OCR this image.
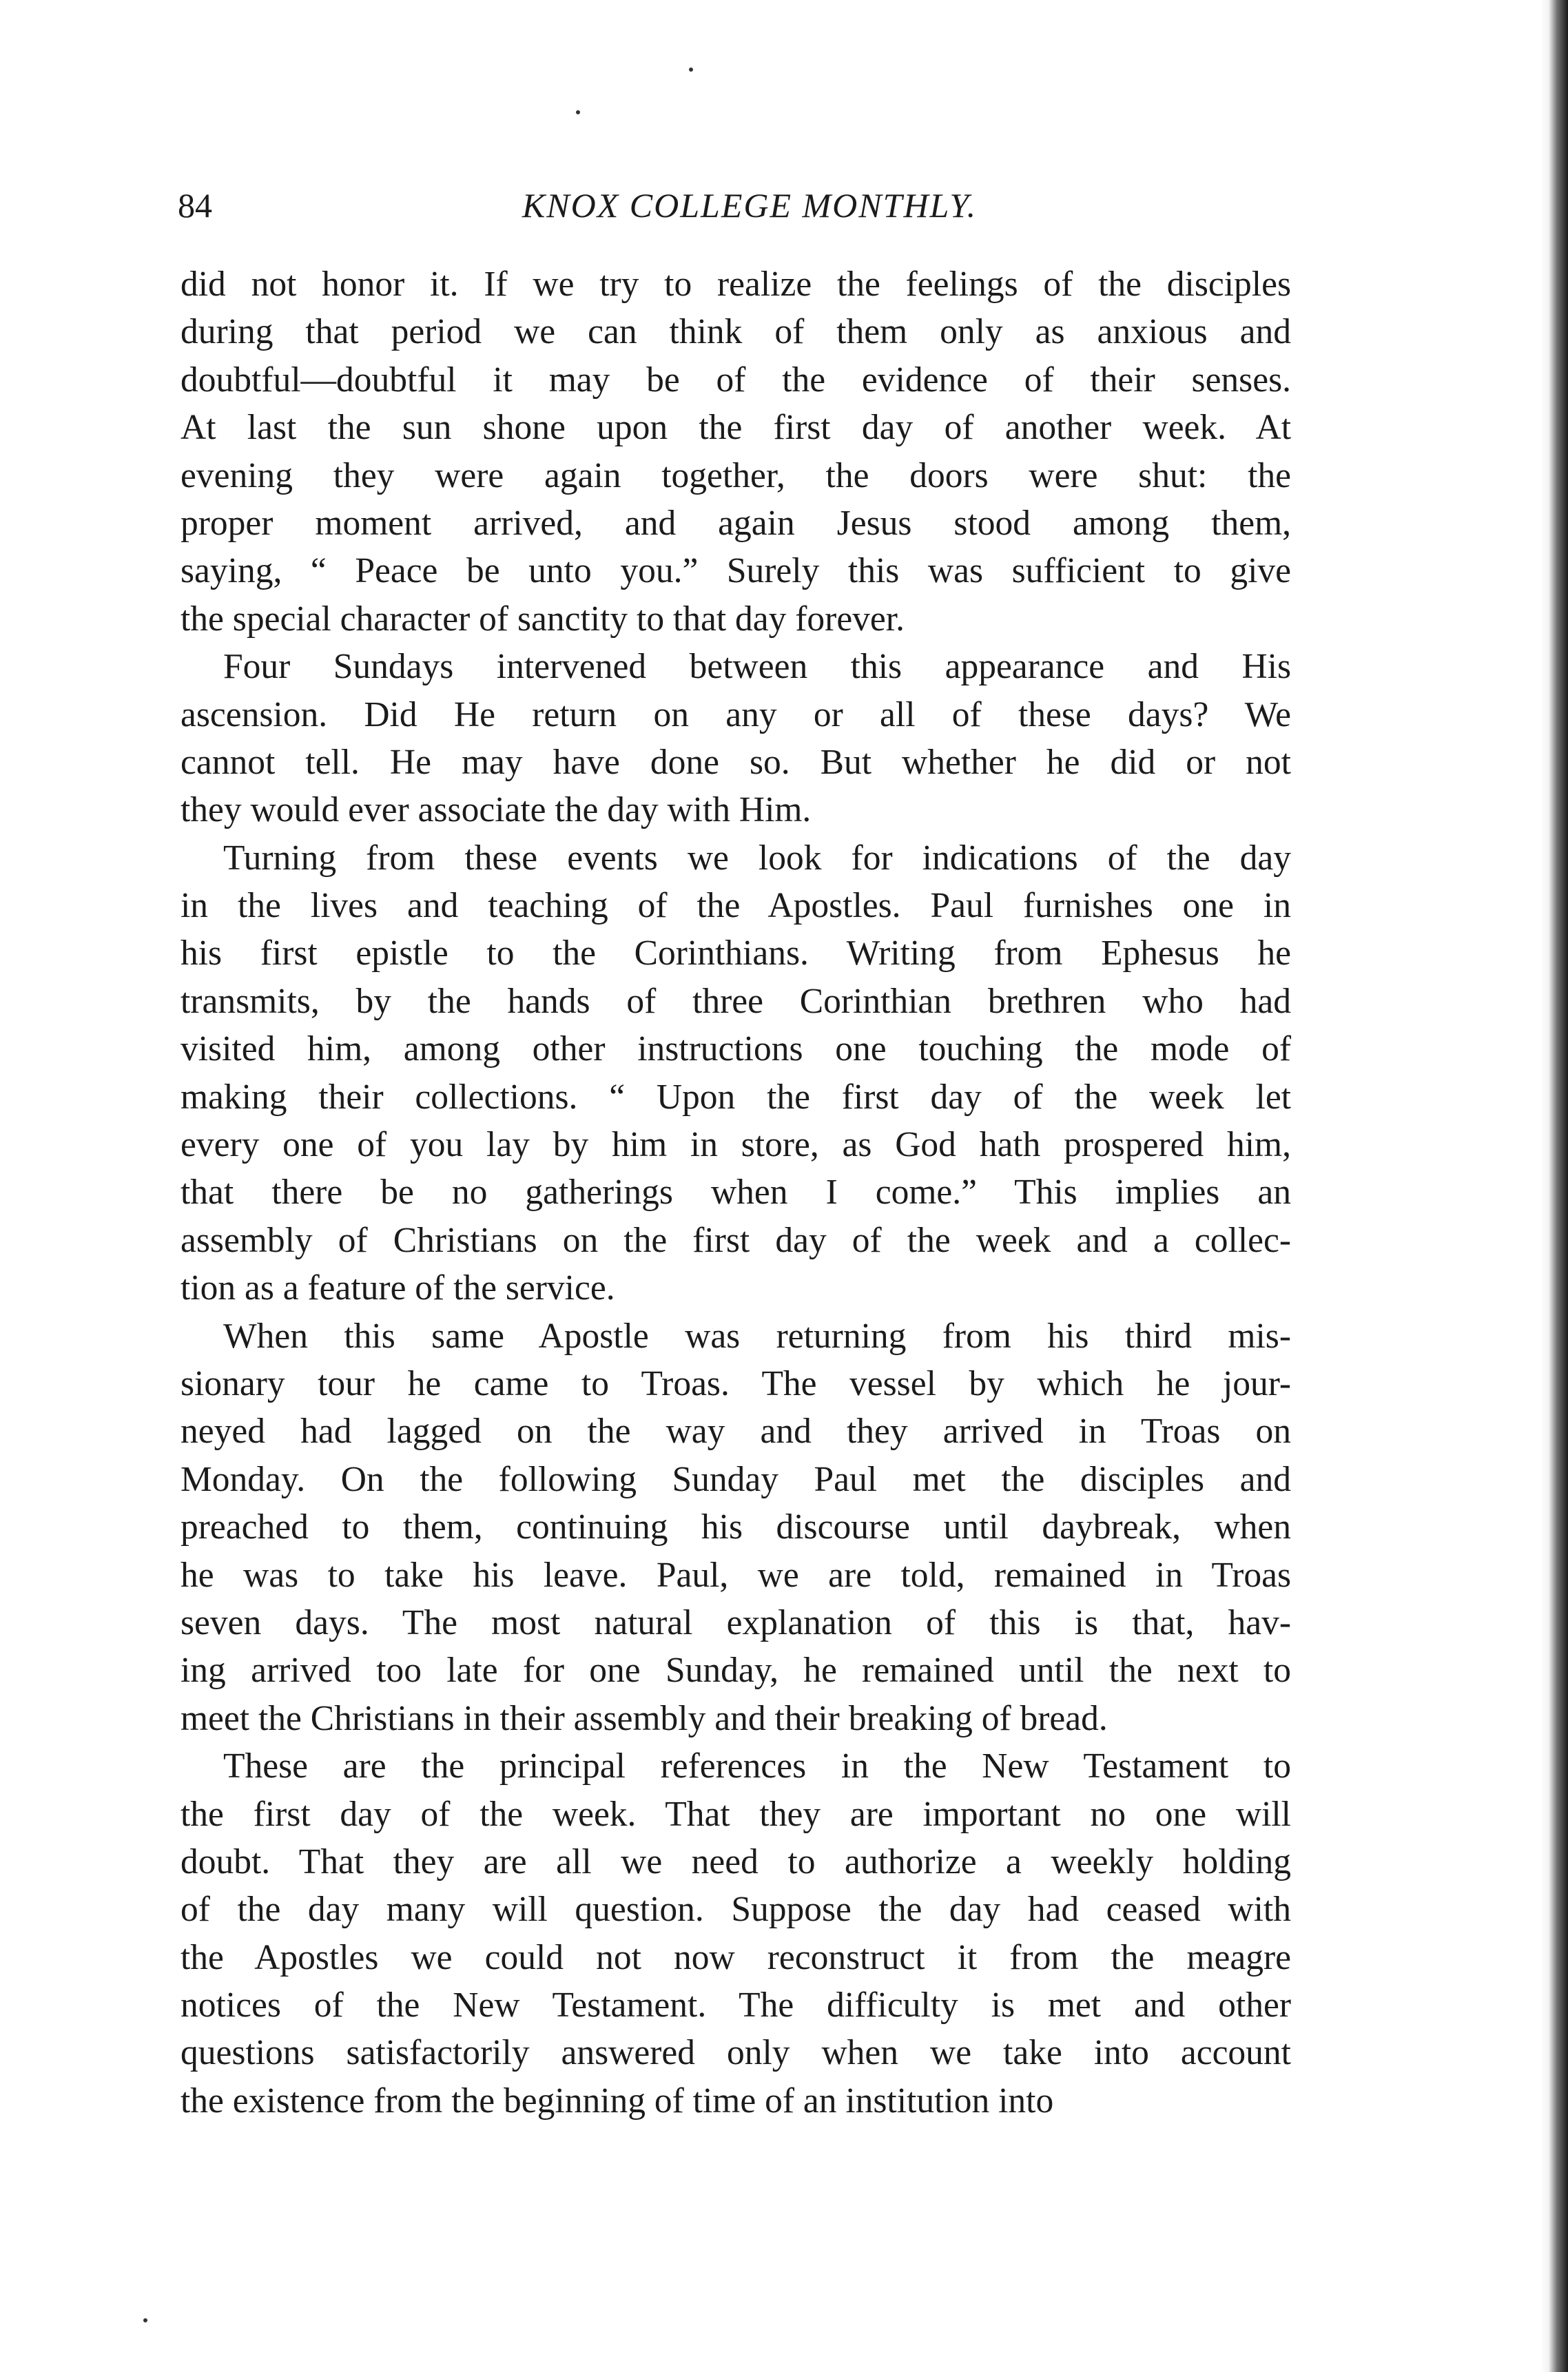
84	KNOX COLLEGE MONTHLY.
did not honor it. If we try to realize the feelings of the disciples
during that period we can think of them only as anxious and
doubtful—doubtful it may be of the evidence of their senses.
At last the sun shone upon the first day of another week. At
evening they were again together, the doors were shut: the
proper moment arrived, and again Jesus stood among them,
saying, “ Peace be unto you.” Surely this was sufficient to give
the special character of sanctity to that day forever.
Four Sundays intervened between this appearance and His
ascension. Did He return on any or all of these days? We
cannot tell. He may have done so. But whether he did or not
they would ever associate the day with Him.
Turning from these events we look for indications of the day
in the lives and teaching of the Apostles. Paul furnishes one in
his first epistle to the Corinthians. Writing from Ephesus he
transmits, by the hands of three Corinthian brethren who had
visited him, among other instructions one touching the mode of
making their collections. “ Upon the first day of the week let
every one of you lay by him in store, as God hath prospered him,
that there be no gatherings when I come.” This implies an
assembly of Christians on the first day of the week and a collec-
tion as a feature of the service.
When this same Apostle was returning from his third mis-
sionary tour he came to Troas. The vessel by which he jour-
neyed had lagged on the way and they arrived in Troas on
Monday. On the following Sunday Paul met the disciples and
preached to them, continuing his discourse until daybreak, when
he was to take his leave. Paul, we are told, remained in Troas
seven days. The most natural explanation of this is that, hav-
ing arrived too late for one Sunday, he remained until the next to
meet the Christians in their assembly and their breaking of bread.
These are the principal references in the New Testament to
the first day of the week. That they are important no one will
doubt. That they are all we need to authorize a weekly holding
of the day many will question. Suppose the day had ceased with
the Apostles we could not now reconstruct it from the meagre
notices of the New Testament. The difficulty is met and other
questions satisfactorily answered only when we take into account
the existence from the beginning of time of an institution into
